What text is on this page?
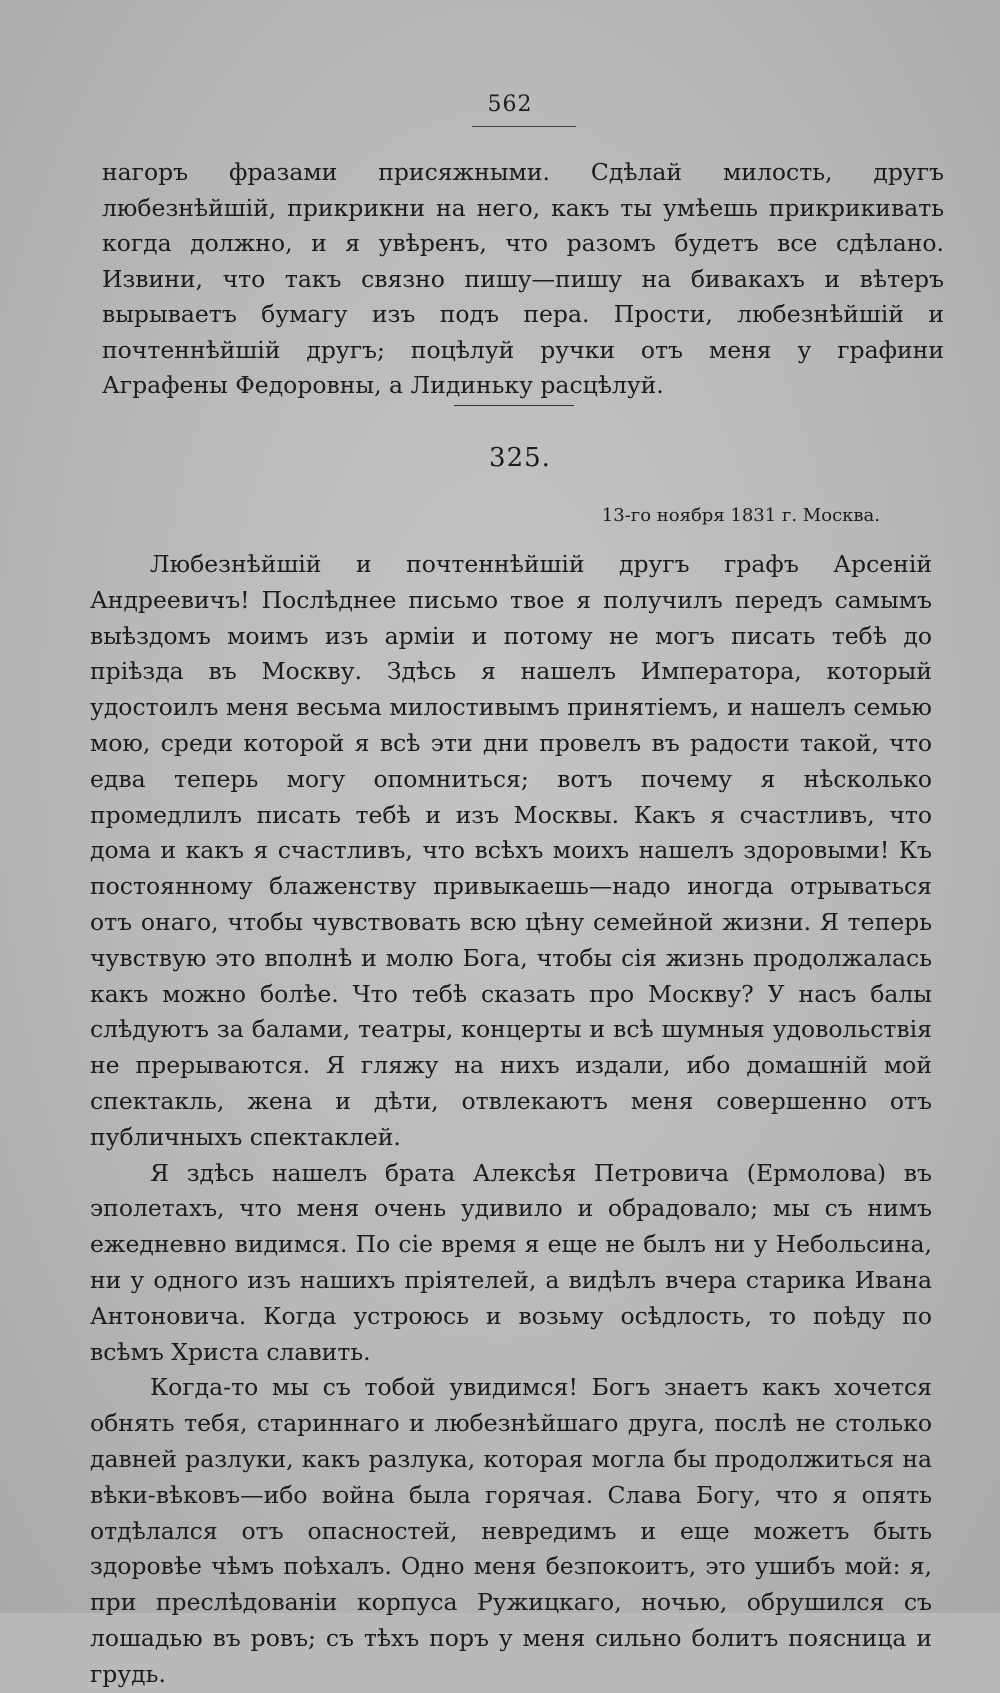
562

нагоръ фразами присяжными. Сдѣлай милость, другъ любезнѣйшій, прикрикни на него, какъ ты умѣешь прикрикивать когда должно, и я увѣренъ, что разомъ будетъ все сдѣлано. Извини, что такъ связно пишу—пишу на бивакахъ и вѣтеръ вырываетъ бумагу изъ подъ пера. Прости, любезнѣйшій и почтеннѣйшій другъ; поцѣлуй ручки отъ меня у графини Аграфены Федоровны, а Лидиньку расцѣлуй.

325.
13-го ноября 1831 г. Москва.

Любезнѣйшій и почтеннѣйшій другъ графъ Арсеній Андреевичъ! Послѣднее письмо твое я получилъ передъ самымъ выѣздомъ моимъ изъ арміи и потому не могъ писать тебѣ до пріѣзда въ Москву. Здѣсь я нашелъ Императора, который удостоилъ меня весьма милостивымъ принятіемъ, и нашелъ семью мою, среди которой я всѣ эти дни провелъ въ радости такой, что едва теперь могу опомниться; вотъ почему я нѣсколько промедлилъ писать тебѣ и изъ Москвы. Какъ я счастливъ, что дома и какъ я счастливъ, что всѣхъ моихъ нашелъ здоровыми! Къ постоянному блаженству привыкаешь—надо иногда отрываться отъ онаго, чтобы чувствовать всю цѣну семейной жизни. Я теперь чувствую это вполнѣ и молю Бога, чтобы сія жизнь продолжалась какъ можно болѣе. Что тебѣ сказать про Москву? У насъ балы слѣдуютъ за балами, театры, концерты и всѣ шумныя удовольствія не прерываются. Я гляжу на нихъ издали, ибо домашній мой спектакль, жена и дѣти, отвлекаютъ меня совершенно отъ публичныхъ спектаклей.

Я здѣсь нашелъ брата Алексѣя Петровича (Ермолова) въ эполетахъ, что меня очень удивило и обрадовало; мы съ нимъ ежедневно видимся. По сіе время я еще не былъ ни у Небольсина, ни у одного изъ нашихъ пріятелей, а видѣлъ вчера старика Ивана Антоновича. Когда устроюсь и возьму осѣдлость, то поѣду по всѣмъ Христа славить.

Когда-то мы съ тобой увидимся! Богъ знаетъ какъ хочется обнять тебя, стариннаго и любезнѣйшаго друга, послѣ не столько давней разлуки, какъ разлука, которая могла бы продолжиться на вѣки-вѣковъ—ибо война была горячая. Слава Богу, что я опять отдѣлался отъ опасностей, невредимъ и еще можетъ быть здоровѣе чѣмъ поѣхалъ. Одно меня безпокоитъ, это ушибъ мой: я, при преслѣдованіи корпуса Ружицкаго, ночью, обрушился съ лошадью въ ровъ; съ тѣхъ поръ у меня сильно болитъ поясница и грудь.
